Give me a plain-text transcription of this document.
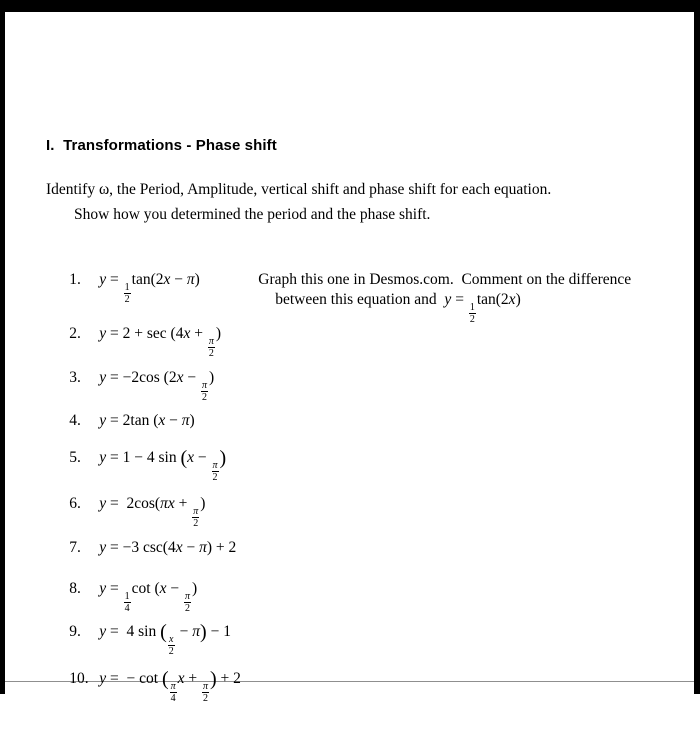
I.  Transformations - Phase shift

Identify ω, the Period, Amplitude, vertical shift and phase shift for each equation.

Show how you determined the period and the phase shift.

1. y =
$\frac{1}{2}$
tan(2x − π)	Graph this one in Desmos.com.  Comment on the difference

between this equation and  y =
$\frac{1}{2}$
tan(2x)

2. y = 2 + sec (4x +
$\frac{\pi}{2}$
)

3. y = −2cos (2x −
$\frac{\pi}{2}$
)

4. y = 2tan (x − π)

5. y = 1 − 4 sin (x −
$\frac{\pi}{2}$
)

6. y =  2cos(πx +
$\frac{\pi}{2}$
)

7. y = −3 csc(4x − π) + 2

8. y =
$\frac{1}{4}$
cot (x −
$\frac{\pi}{2}$
)

9. y =  4 sin (
$\frac{x}{2}$
− π) − 1

10. y =  − cot (
$\frac{\pi}{4}$
x +
$\frac{\pi}{2}$
) + 2
